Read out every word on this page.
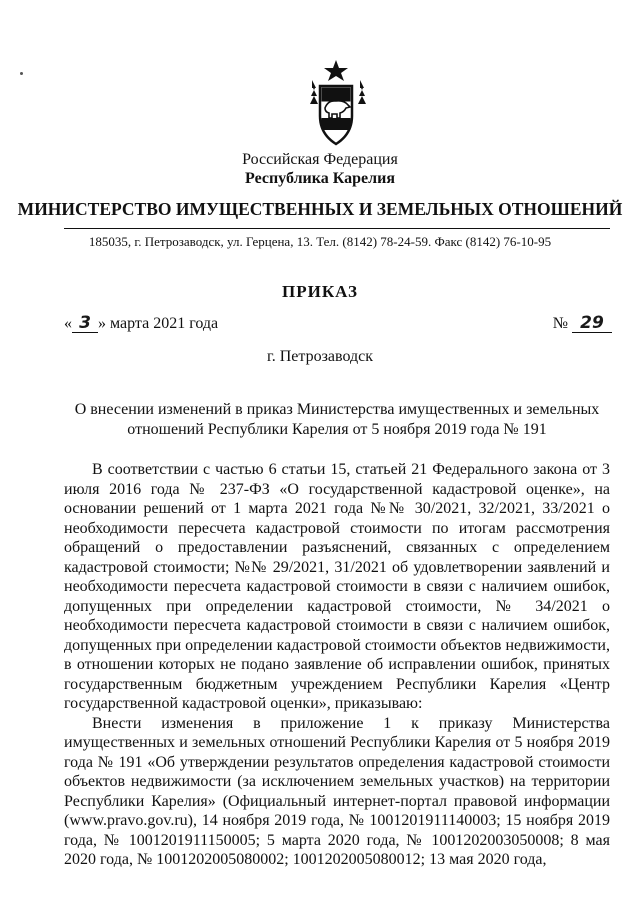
Российская Федерация
Республика Карелия
МИНИСТЕРСТВО ИМУЩЕСТВЕННЫХ И ЗЕМЕЛЬНЫХ ОТНОШЕНИЙ
185035, г. Петрозаводск, ул. Герцена, 13. Тел. (8142) 78-24-59. Факс (8142) 76-10-95
ПРИКАЗ
« 3 » марта 2021 года	№ 29
г. Петрозаводск
О внесении изменений в приказ Министерства имущественных и земельных отношений Республики Карелия от 5 ноября 2019 года № 191

В соответствии с частью 6 статьи 15, статьей 21 Федерального закона от 3 июля 2016 года № 237-ФЗ «О государственной кадастровой оценке», на основании решений от 1 марта 2021 года №№ 30/2021, 32/2021, 33/2021 о необходимости пересчета кадастровой стоимости по итогам рассмотрения обращений о предоставлении разъяснений, связанных с определением кадастровой стоимости; №№ 29/2021, 31/2021 об удовлетворении заявлений и необходимости пересчета кадастровой стоимости в связи с наличием ошибок, допущенных при определении кадастровой стоимости, № 34/2021 о необходимости пересчета кадастровой стоимости в связи с наличием ошибок, допущенных при определении кадастровой стоимости объектов недвижимости, в отношении которых не подано заявление об исправлении ошибок, принятых государственным бюджетным учреждением Республики Карелия «Центр государственной кадастровой оценки», приказываю:

Внести изменения в приложение 1 к приказу Министерства имущественных и земельных отношений Республики Карелия от 5 ноября 2019 года № 191 «Об утверждении результатов определения кадастровой стоимости объектов недвижимости (за исключением земельных участков) на территории Республики Карелия» (Официальный интернет-портал правовой информации (www.pravo.gov.ru), 14 ноября 2019 года, № 1001201911140003; 15 ноября 2019 года, № 1001201911150005; 5 марта 2020 года, № 1001202003050008; 8 мая 2020 года, № 1001202005080002; 1001202005080012; 13 мая 2020 года,
